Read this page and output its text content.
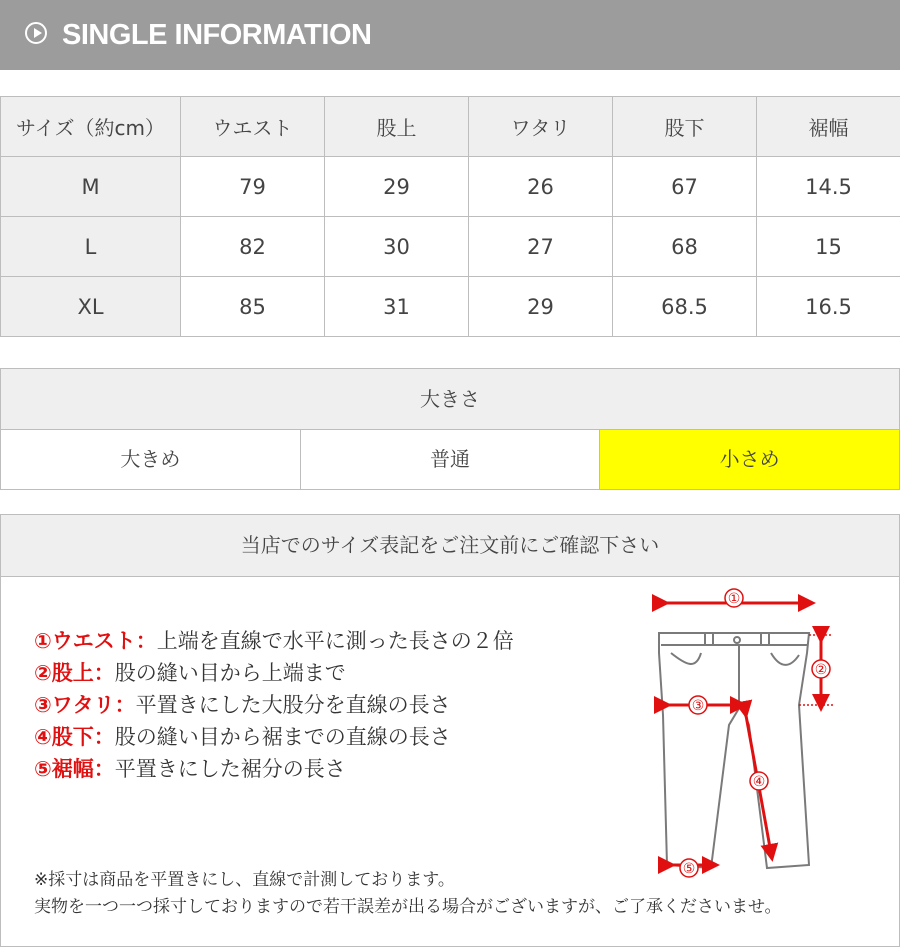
SINGLE INFORMATION
サイズ（約cm）	ウエスト	股上	ワタリ	股下	裾幅
M	79	29	26	67	14.5
L	82	30	27	68	15
XL	85	31	29	68.5	16.5
大きさ
大きめ	普通	小さめ
当店でのサイズ表記をご注文前にご確認下さい
①ウエスト：上端を直線で水平に測った長さの２倍
②股上：股の縫い目から上端まで
③ワタリ：平置きにした大股分を直線の長さ
④股下：股の縫い目から裾までの直線の長さ
⑤裾幅：平置きにした裾分の長さ
①
②
③
④
⑤
※採寸は商品を平置きにし、直線で計測しております。
実物を一つ一つ採寸しておりますので若干誤差が出る場合がございますが、ご了承くださいませ。
